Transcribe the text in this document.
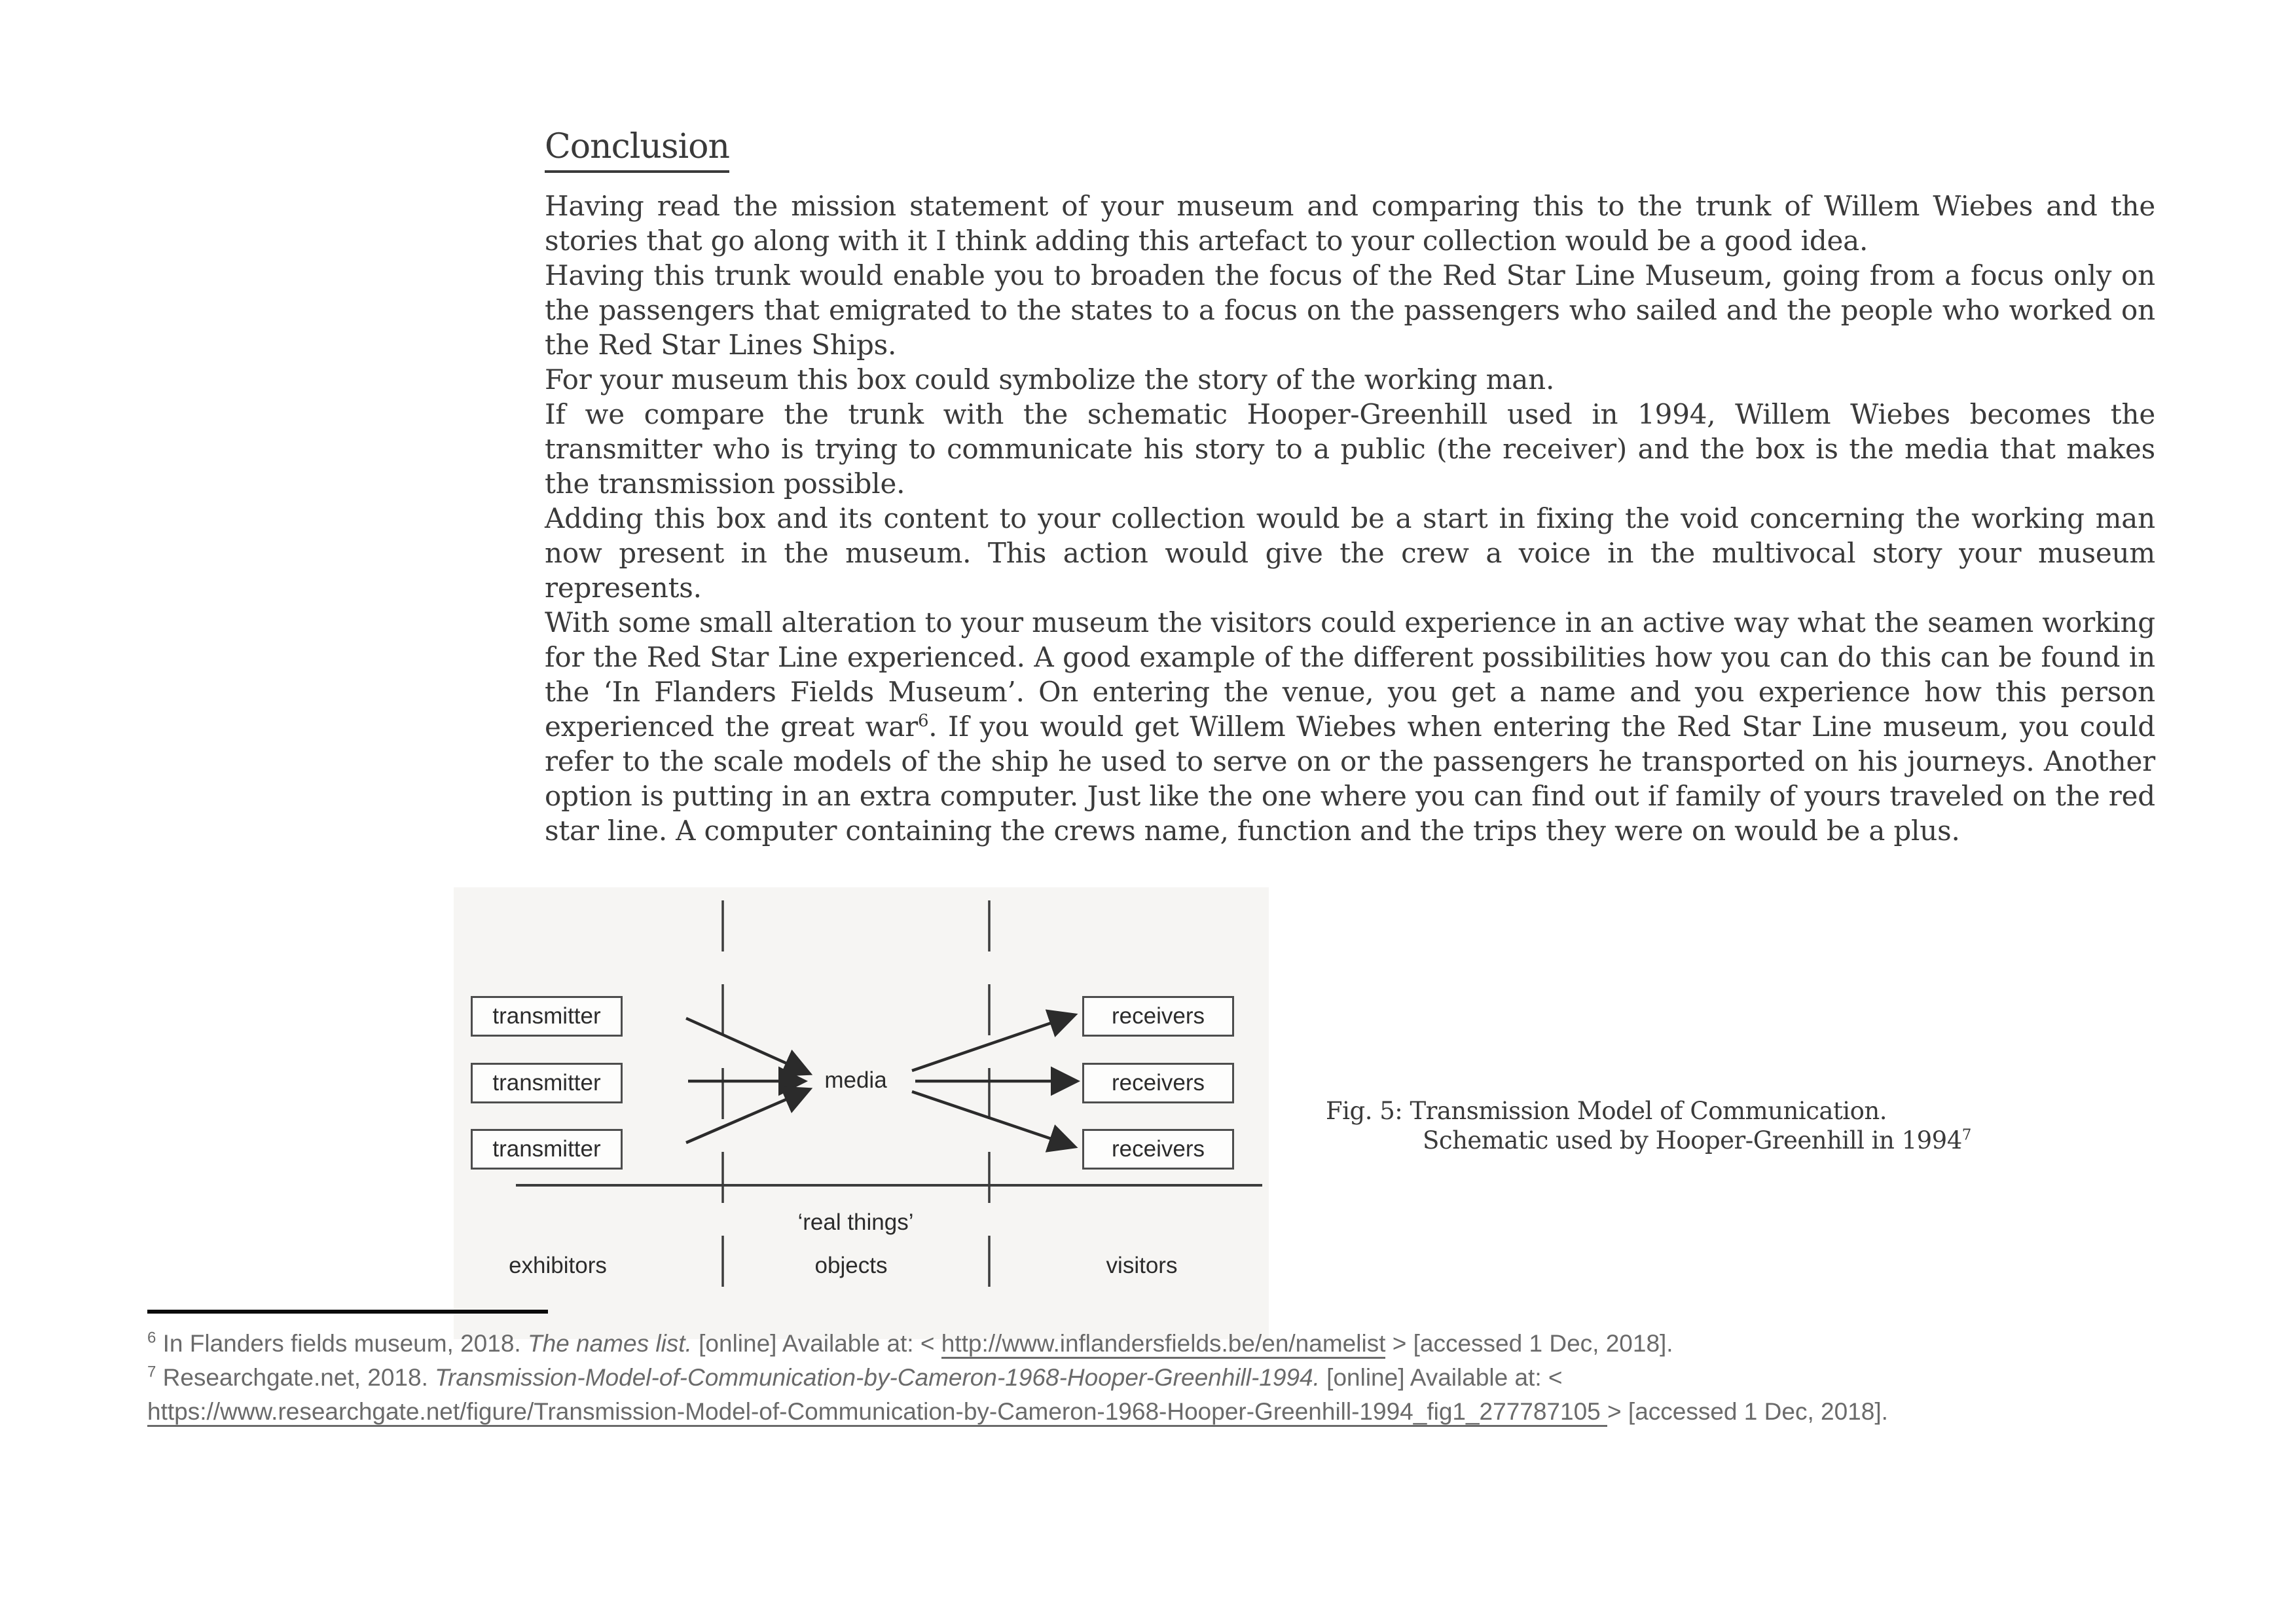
Conclusion

Having read the mission statement of your museum and comparing this to the trunk of Willem Wiebes and the stories that go along with it I think adding this artefact to your collection would be a good idea.

Having this trunk would enable you to broaden the focus of the Red Star Line Museum, going from a focus only on the passengers that emigrated to the states to a focus on the passengers who sailed and the people who worked on the Red Star Lines Ships.

For your museum this box could symbolize the story of the working man.

If we compare the trunk with the schematic Hooper-Greenhill used in 1994, Willem Wiebes becomes the transmitter who is trying to communicate his story to a public (the receiver) and the box is the media that makes the transmission possible.

Adding this box and its content to your collection would be a start in fixing the void concerning the working man now present in the museum. This action would give the crew a voice in the multivocal story your museum represents.

With some small alteration to your museum the visitors could experience in an active way what the seamen working for the Red Star Line experienced. A good example of the different possibilities how you can do this can be found in the ‘In Flanders Fields Museum’. On entering the venue, you get a name and you experience how this person experienced the great war$^6$. If you would get Willem Wiebes when entering the Red Star Line museum, you could refer to the scale models of the ship he used to serve on or the passengers he transported on his journeys. Another option is putting in an extra computer. Just like the one where you can find out if family of yours traveled on the red star line. A computer containing the crews name, function and the trips they were on would be a plus.

transmitter
transmitter
transmitter
receivers
receivers
receivers
media
‘real things’
exhibitors	objects	visitors
Fig. 5: Transmission Model of Communication.
Schematic used by Hooper-Greenhill in 1994$^7$
$^6$ In Flanders fields museum, 2018. The names list. [online] Available at: < http://www.inflandersfields.be/en/namelist > [accessed 1 Dec, 2018].
$^7$ Researchgate.net, 2018. Transmission-Model-of-Communication-by-Cameron-1968-Hooper-Greenhill-1994. [online] Available at: <
https://www.researchgate.net/figure/Transmission-Model-of-Communication-by-Cameron-1968-Hooper-Greenhill-1994_fig1_277787105 > [accessed 1 Dec, 2018].
